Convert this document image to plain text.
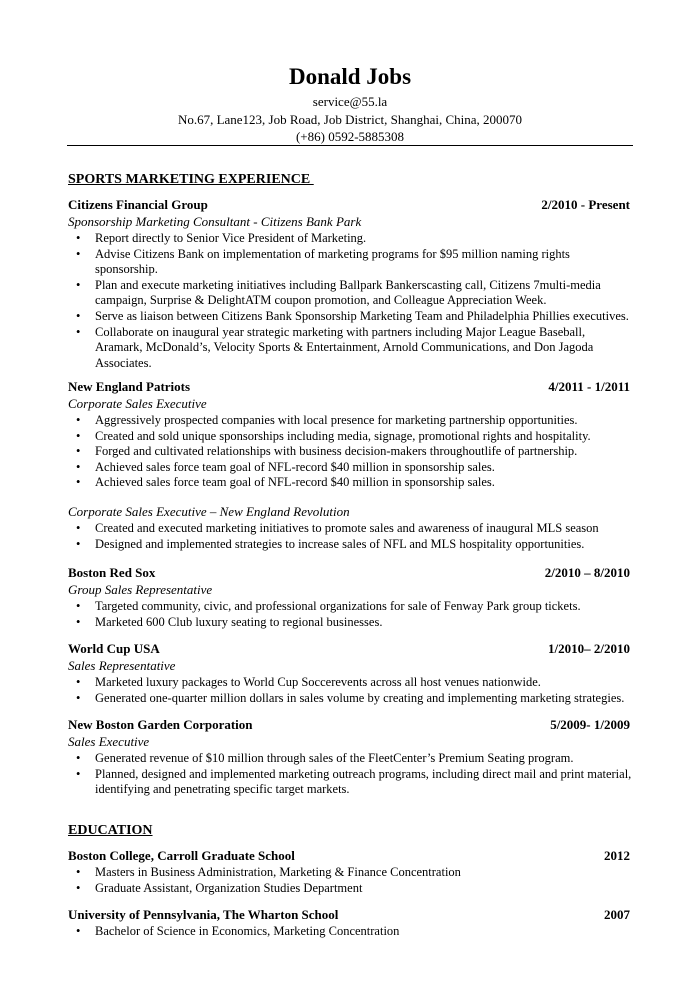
Donald Jobs
service@55.la
No.67, Lane123, Job Road, Job District, Shanghai, China, 200070
(+86) 0592-5885308
SPORTS MARKETING EXPERIENCE
Citizens Financial Group	2/2010 - Present
Sponsorship Marketing Consultant - Citizens Bank Park
• Report directly to Senior Vice President of Marketing.
• Advise Citizens Bank on implementation of marketing programs for $95 million naming rights sponsorship.
• Plan and execute marketing initiatives including Ballpark Bankerscasting call, Citizens 7multi-media campaign, Surprise & DelightATM coupon promotion, and Colleague Appreciation Week.
• Serve as liaison between Citizens Bank Sponsorship Marketing Team and Philadelphia Phillies executives.
• Collaborate on inaugural year strategic marketing with partners including Major League Baseball, Aramark, McDonald’s, Velocity Sports & Entertainment, Arnold Communications, and Don Jagoda Associates.
New England Patriots	4/2011 - 1/2011
Corporate Sales Executive
• Aggressively prospected companies with local presence for marketing partnership opportunities.
• Created and sold unique sponsorships including media, signage, promotional rights and hospitality.
• Forged and cultivated relationships with business decision-makers throughoutlife of partnership.
• Achieved sales force team goal of NFL-record $40 million in sponsorship sales.
• Achieved sales force team goal of NFL-record $40 million in sponsorship sales.
Corporate Sales Executive – New England Revolution
• Created and executed marketing initiatives to promote sales and awareness of inaugural MLS season
• Designed and implemented strategies to increase sales of NFL and MLS hospitality opportunities.
Boston Red Sox	2/2010 – 8/2010
Group Sales Representative
• Targeted community, civic, and professional organizations for sale of Fenway Park group tickets.
• Marketed 600 Club luxury seating to regional businesses.
World Cup USA	1/2010– 2/2010
Sales Representative
• Marketed luxury packages to World Cup Soccerevents across all host venues nationwide.
• Generated one-quarter million dollars in sales volume by creating and implementing marketing strategies.
New Boston Garden Corporation	5/2009- 1/2009
Sales Executive
• Generated revenue of $10 million through sales of the FleetCenter’s Premium Seating program.
• Planned, designed and implemented marketing outreach programs, including direct mail and print material, identifying and penetrating specific target markets.
EDUCATION
Boston College, Carroll Graduate School	2012
• Masters in Business Administration, Marketing & Finance Concentration
• Graduate Assistant, Organization Studies Department
University of Pennsylvania, The Wharton School	2007
• Bachelor of Science in Economics, Marketing Concentration
